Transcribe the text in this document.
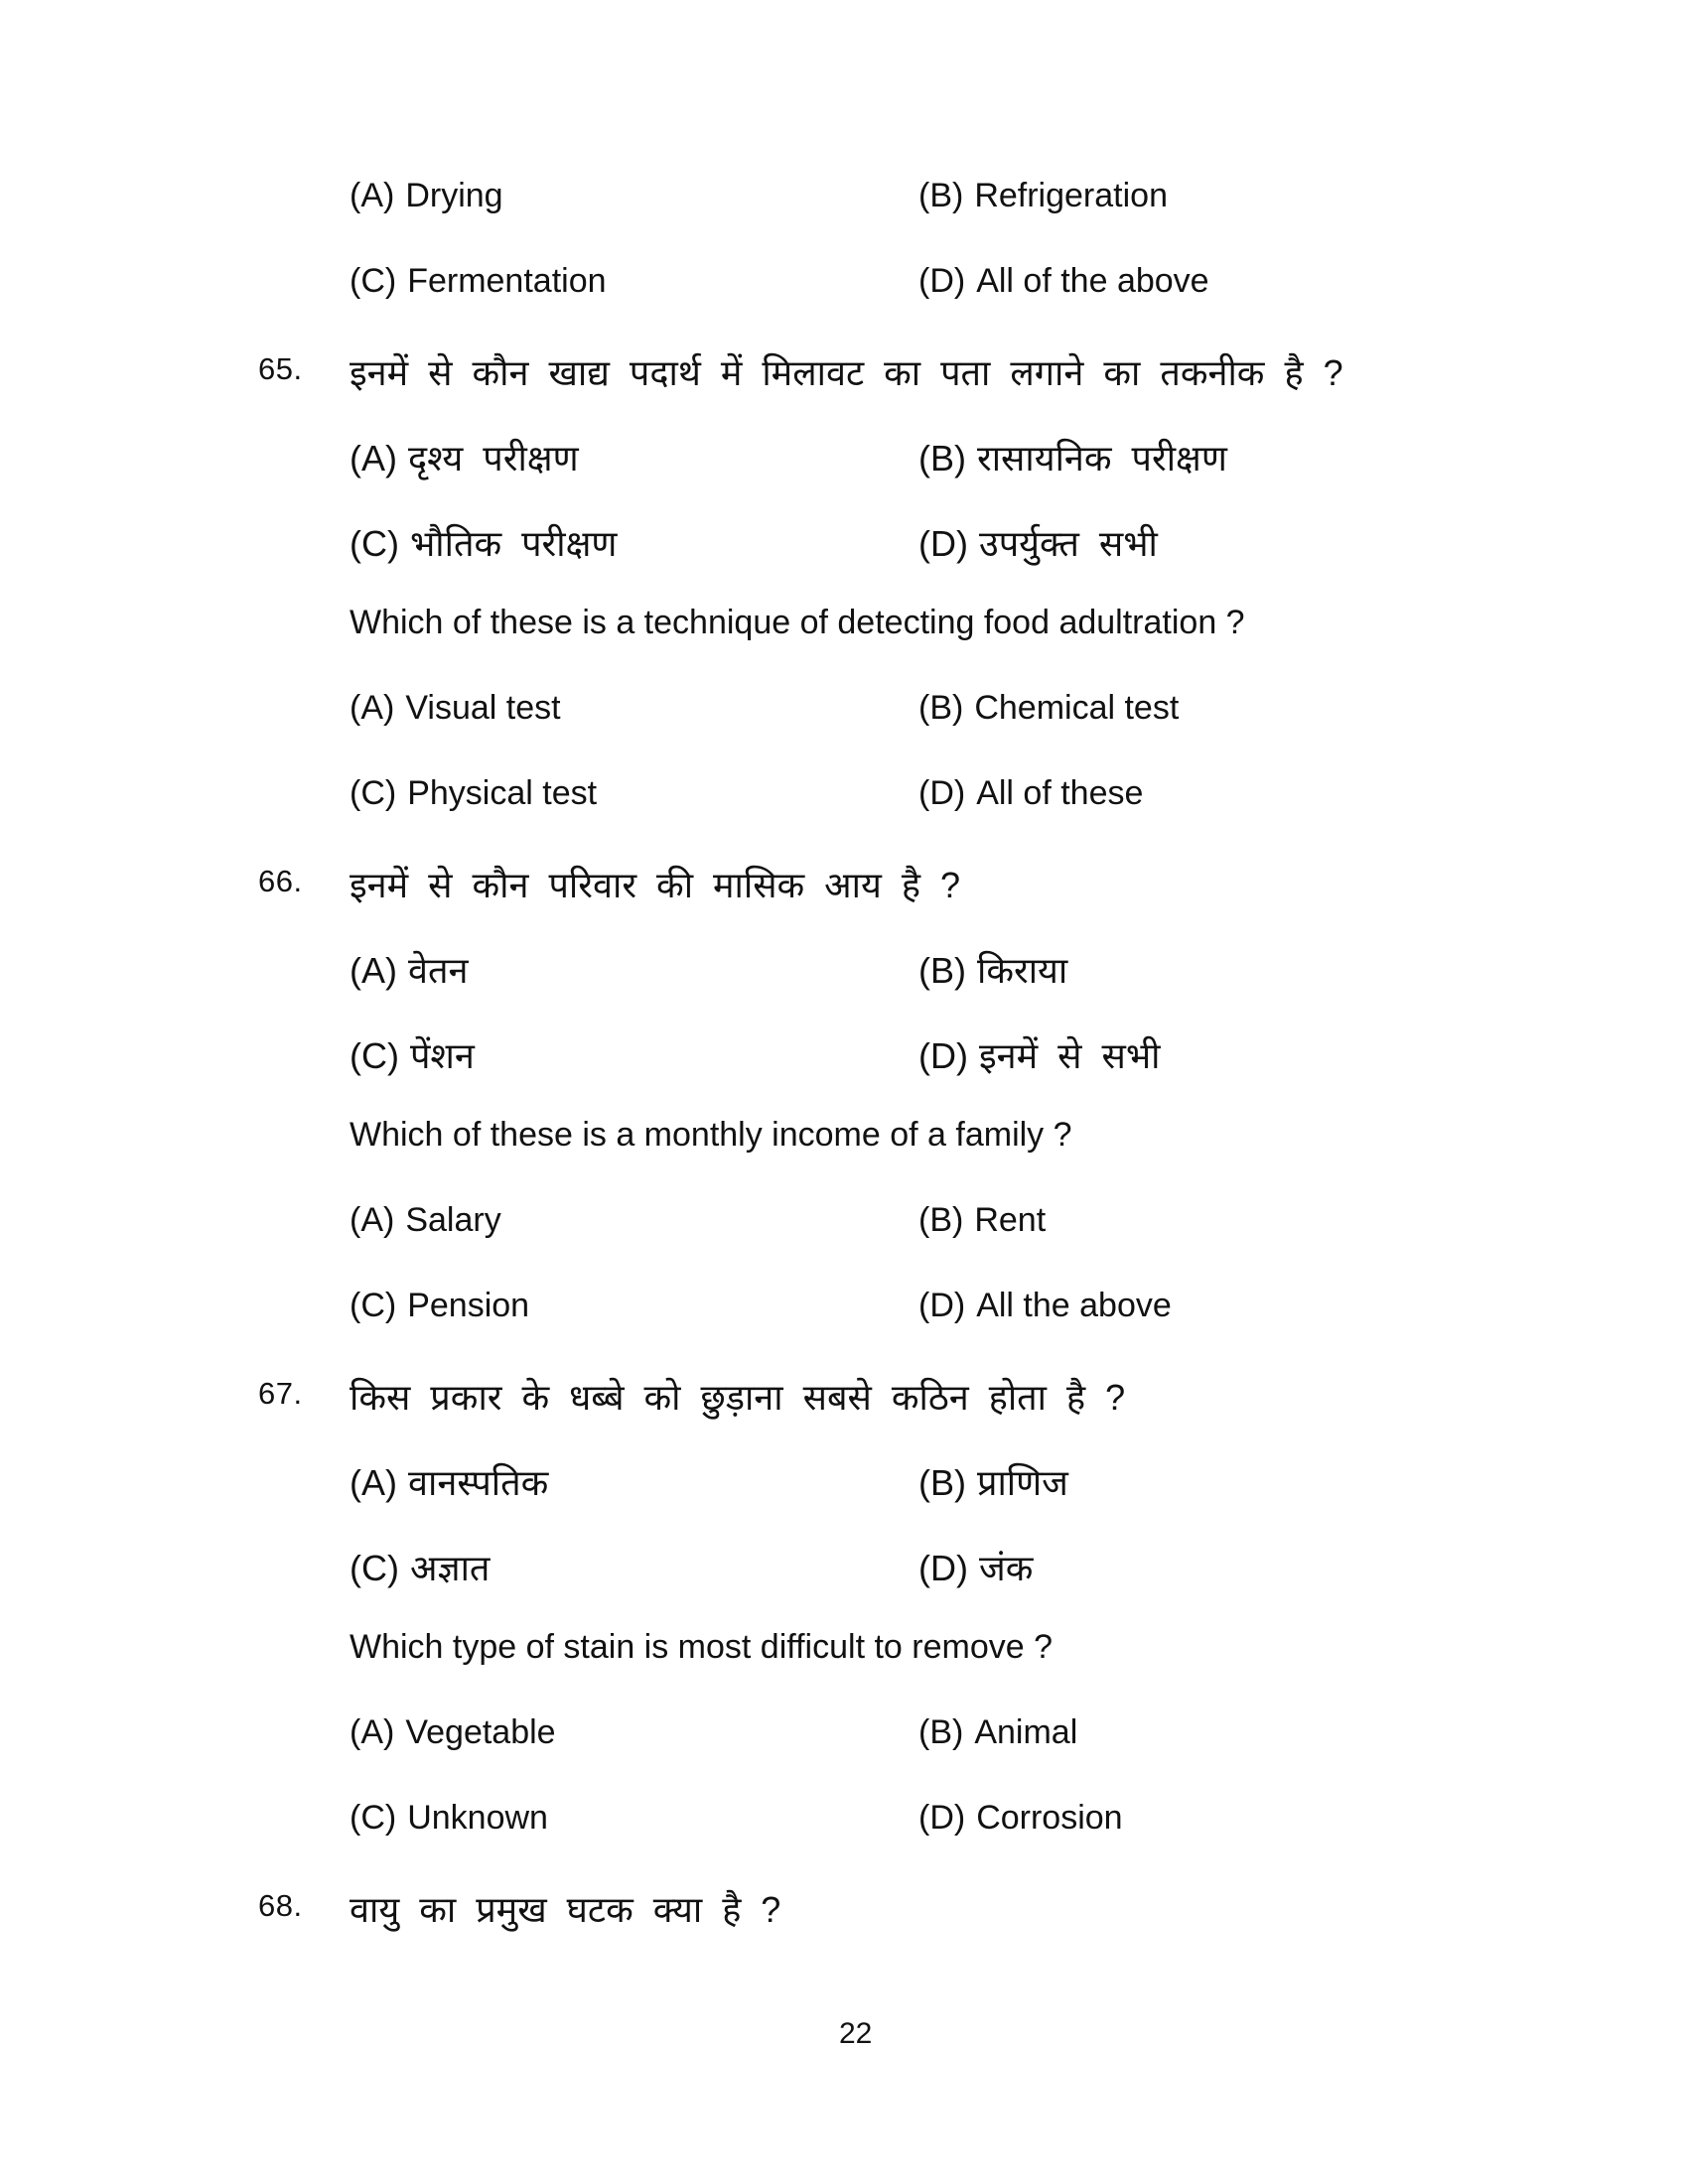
(A) Drying	(B) Refrigeration
(C) Fermentation	(D) All of the above
65. इनमें से कौन खाद्य पदार्थ में मिलावट का पता लगाने का तकनीक है ?
(A) दृश्य परीक्षण	(B) रासायनिक परीक्षण
(C) भौतिक परीक्षण	(D) उपर्युक्त सभी
Which of these is a technique of detecting food adultration ?
(A) Visual test	(B) Chemical test
(C) Physical test	(D) All of these
66. इनमें से कौन परिवार की मासिक आय है ?
(A) वेतन	(B) किराया
(C) पेंशन	(D) इनमें से सभी
Which of these is a monthly income of a family ?
(A) Salary	(B) Rent
(C) Pension	(D) All the above
67. किस प्रकार के धब्बे को छुड़ाना सबसे कठिन होता है ?
(A) वानस्पतिक	(B) प्राणिज
(C) अज्ञात	(D) जंक
Which type of stain is most difficult to remove ?
(A) Vegetable	(B) Animal
(C) Unknown	(D) Corrosion
68. वायु का प्रमुख घटक क्या है ?
22
